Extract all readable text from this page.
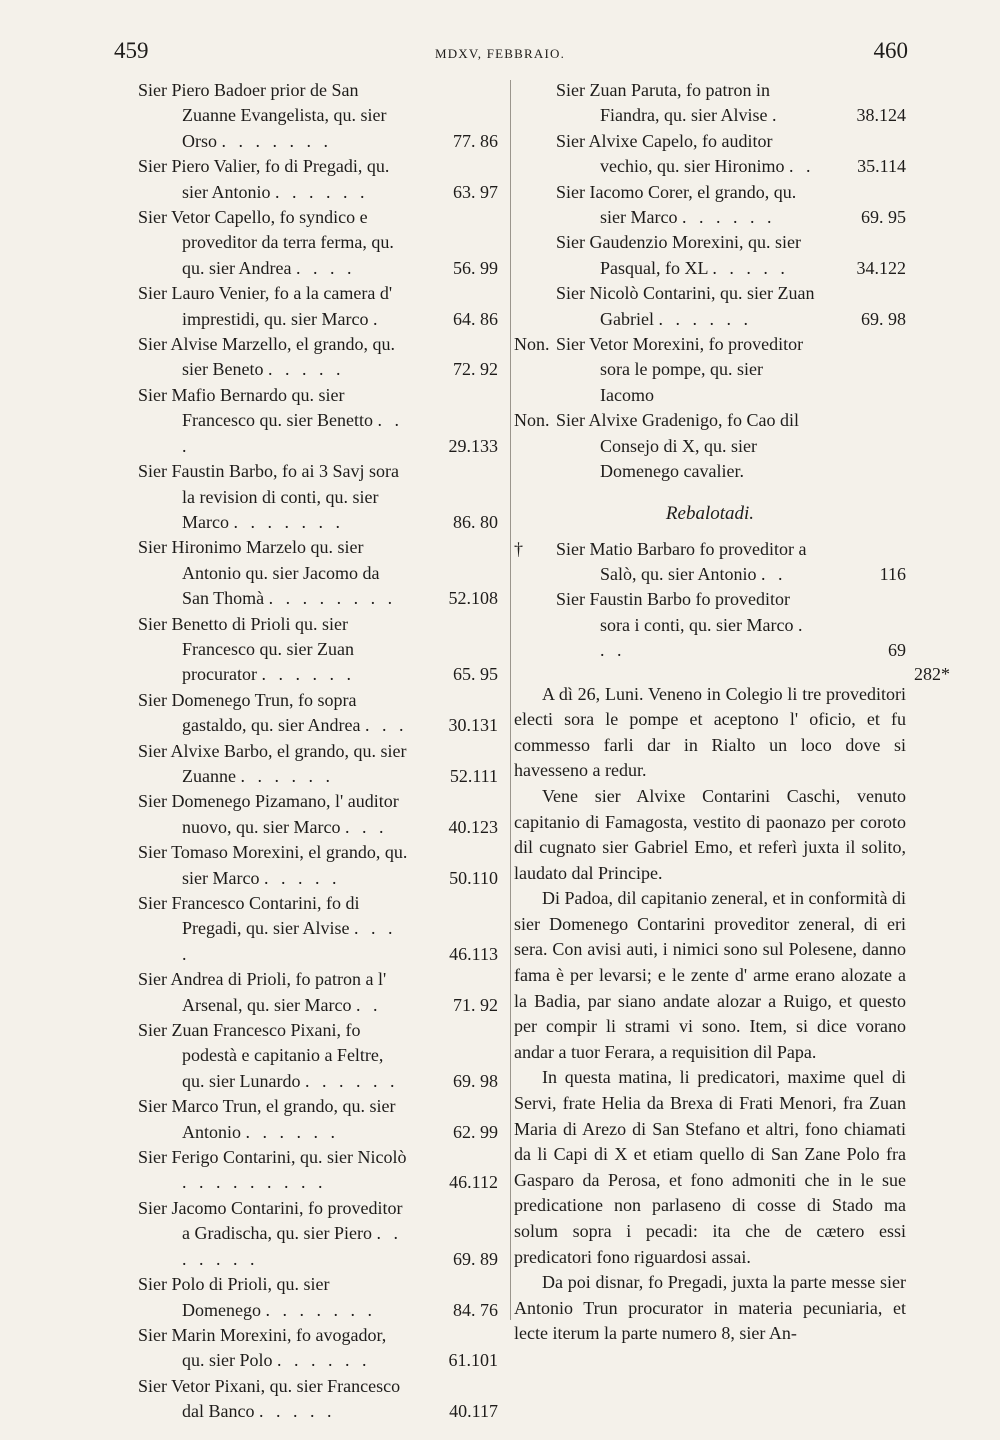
459	MDXV, FEBBRAIO.	460
Sier Piero Badoer prior de San Zuanne Evangelista, qu. sier Orso . . . . . . .	77. 86
Sier Piero Valier, fo di Pregadi, qu. sier Antonio . . . . . .	63. 97
Sier Vetor Capello, fo syndico e proveditor da terra ferma, qu. qu. sier Andrea . . . .	56. 99
Sier Lauro Venier, fo a la camera d' imprestidi, qu. sier Marco .	64. 86
Sier Alvise Marzello, el grando, qu. sier Beneto . . . . .	72. 92
Sier Mafio Bernardo qu. sier Francesco qu. sier Benetto . . .	29.133
Sier Faustin Barbo, fo ai 3 Savj sora la revision di conti, qu. sier Marco . . . . . . .	86. 80
Sier Hironimo Marzelo qu. sier Antonio qu. sier Jacomo da San Thomà . . . . . . . .	52.108
Sier Benetto di Prioli qu. sier Francesco qu. sier Zuan procurator . . . . . .	65. 95
Sier Domenego Trun, fo sopra gastaldo, qu. sier Andrea . . . 30.131
Sier Alvixe Barbo, el grando, qu. sier Zuanne . . . . . .	52.111
Sier Domenego Pizamano, l' auditor nuovo, qu. sier Marco . . .	40.123
Sier Tomaso Morexini, el grando, qu. sier Marco . . . . .	50.110
Sier Francesco Contarini, fo di Pregadi, qu. sier Alvise . . . .	46.113
Sier Andrea di Prioli, fo patron a l' Arsenal, qu. sier Marco . .	71. 92
Sier Zuan Francesco Pixani, fo podestà e capitanio a Feltre, qu. sier Lunardo . . . . . .	69. 98
Sier Marco Trun, el grando, qu. sier Antonio . . . . . .	62. 99
Sier Ferigo Contarini, qu. sier Nicolò . . . . . . . . .	46.112
Sier Jacomo Contarini, fo proveditor a Gradischa, qu. sier Piero . . . . . . .	69. 89
Sier Polo di Prioli, qu. sier Domenego . . . . . . .	84. 76
Sier Marin Morexini, fo avogador, qu. sier Polo . . . . . .	61.101
Sier Vetor Pixani, qu. sier Francesco dal Banco . . . . .	40.117
Sier Zuan Paruta, fo patron in Fiandra, qu. sier Alvise .	38.124
Sier Alvixe Capelo, fo auditor vechio, qu. sier Hironimo . . 35.114
Sier Iacomo Corer, el grando, qu. sier Marco . . . . . .	69. 95
Sier Gaudenzio Morexini, qu. sier Pasqual, fo XL . . . . .	34.122
Sier Nicolò Contarini, qu. sier Zuan Gabriel . . . . . .	69. 98
Non. Sier Vetor Morexini, fo proveditor sora le pompe, qu. sier Iacomo
Non. Sier Alvixe Gradenigo, fo Cao dil Consejo di X, qu. sier Domenego cavalier.
Rebalotadi.
† Sier Matio Barbaro fo proveditor a Salò, qu. sier Antonio . .	116
Sier Faustin Barbo fo proveditor sora i conti, qu. sier Marco . . .	69

A dì 26, Luni. Veneno in Colegio li tre proveditori electi sora le pompe et aceptono l' oficio, et fu commesso farli dar in Rialto un loco dove si havesseno a redur.

Vene sier Alvixe Contarini Caschi, venuto capitanio di Famagosta, vestito di paonazo per coroto dil cugnato sier Gabriel Emo, et referì juxta il solito, laudato dal Principe.

Di Padoa, dil capitanio zeneral, et in conformità di sier Domenego Contarini proveditor zeneral, di eri sera. Con avisi auti, i nimici sono sul Polesene, danno fama è per levarsi; e le zente d' arme erano alozate a la Badia, par siano andate alozar a Ruigo, et questo per compir li strami vi sono. Item, si dice vorano andar a tuor Ferara, a requisition dil Papa.

In questa matina, li predicatori, maxime quel di Servi, frate Helia da Brexa di Frati Menori, fra Zuan Maria di Arezo di San Stefano et altri, fono chiamati da li Capi di X et etiam quello di San Zane Polo fra Gasparo da Perosa, et fono admoniti che in le sue predicatione non parlaseno di cosse di Stado ma solum sopra i pecadi: ita che de cætero essi predicatori fono riguardosi assai.

Da poi disnar, fo Pregadi, juxta la parte messe sier Antonio Trun procurator in materia pecuniaria, et lecte iterum la parte numero 8, sier An-

282*
